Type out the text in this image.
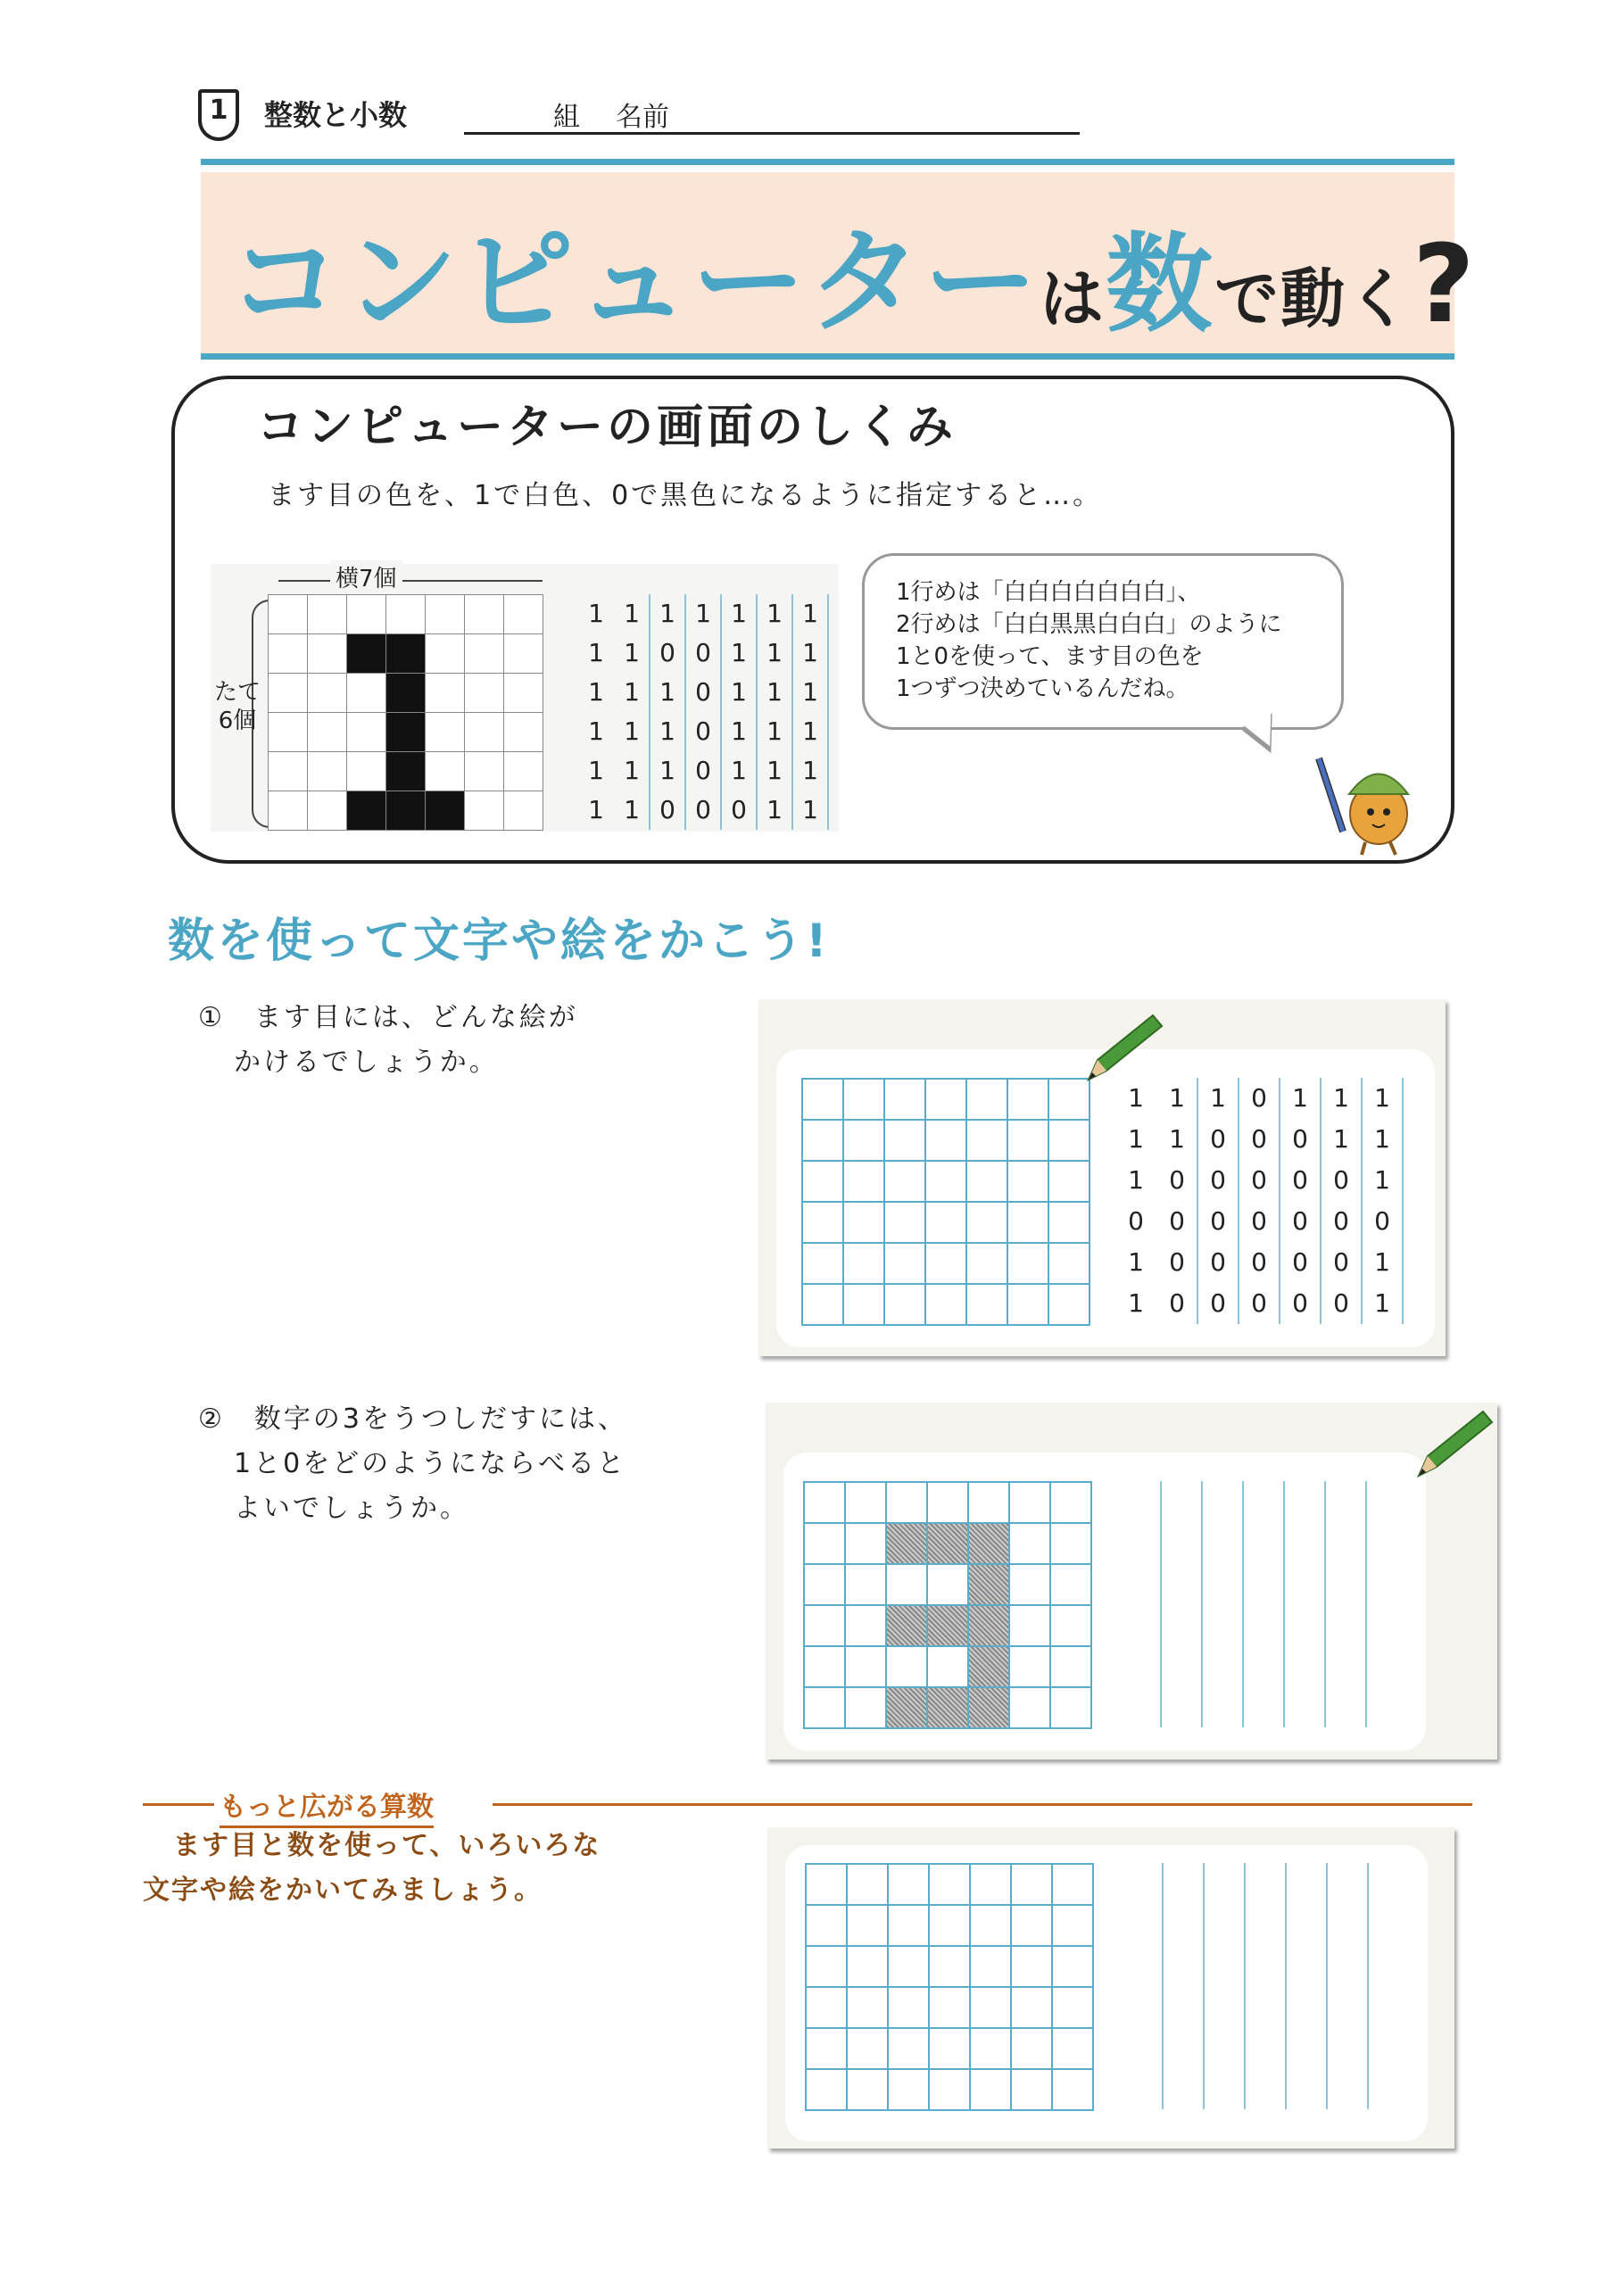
1	整数と小数	組 名前
コンピューターは数で動く?
コンピューターの画面のしくみ
ます目の色を、1で白色、0で黒色になるように指定すると…。
横7個
たて
6個
1 1 1 1 1 1 1
1 1 0 0 1 1 1
1 1 1 0 1 1 1
1 1 1 0 1 1 1
1 1 1 0 1 1 1
1 1 0 0 0 1 1
1行めは「白白白白白白白」、
2行めは「白白黒黒白白白」のように
1と0を使って、ます目の色を
1つずつ決めているんだね。
数を使って文字や絵をかこう!
①　ます目には、どんな絵が
かけるでしょうか。
1	1	1	0	1	1	1
1	1	0	0	0	1	1
1	0	0	0	0	0	1
0	0	0	0	0	0	0
1	0	0	0	0	0	1
1	0	0	0	0	0	1
②　数字の3をうつしだすには、
1と0をどのようにならべると
よいでしょうか。
もっと広がる算数
ます目と数を使って、いろいろな
文字や絵をかいてみましょう。
